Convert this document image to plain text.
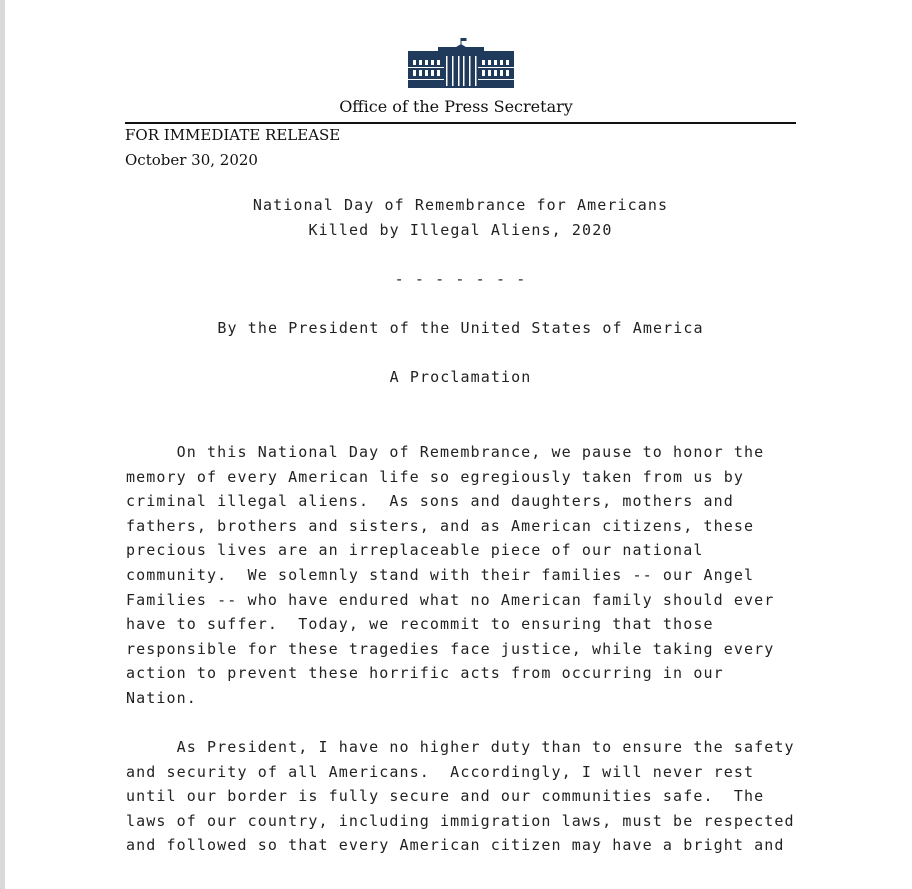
Office of the Press Secretary
FOR IMMEDIATE RELEASE
October 30, 2020
National Day of Remembrance for Americans
Killed by Illegal Aliens, 2020
- - - - - - -
By the President of the United States of America
A Proclamation
On this National Day of Remembrance, we pause to honor the
memory of every American life so egregiously taken from us by
criminal illegal aliens.  As sons and daughters, mothers and
fathers, brothers and sisters, and as American citizens, these
precious lives are an irreplaceable piece of our national
community.  We solemnly stand with their families -- our Angel
Families -- who have endured what no American family should ever
have to suffer.  Today, we recommit to ensuring that those
responsible for these tragedies face justice, while taking every
action to prevent these horrific acts from occurring in our
Nation.
As President, I have no higher duty than to ensure the safety
and security of all Americans.  Accordingly, I will never rest
until our border is fully secure and our communities safe.  The
laws of our country, including immigration laws, must be respected
and followed so that every American citizen may have a bright and
